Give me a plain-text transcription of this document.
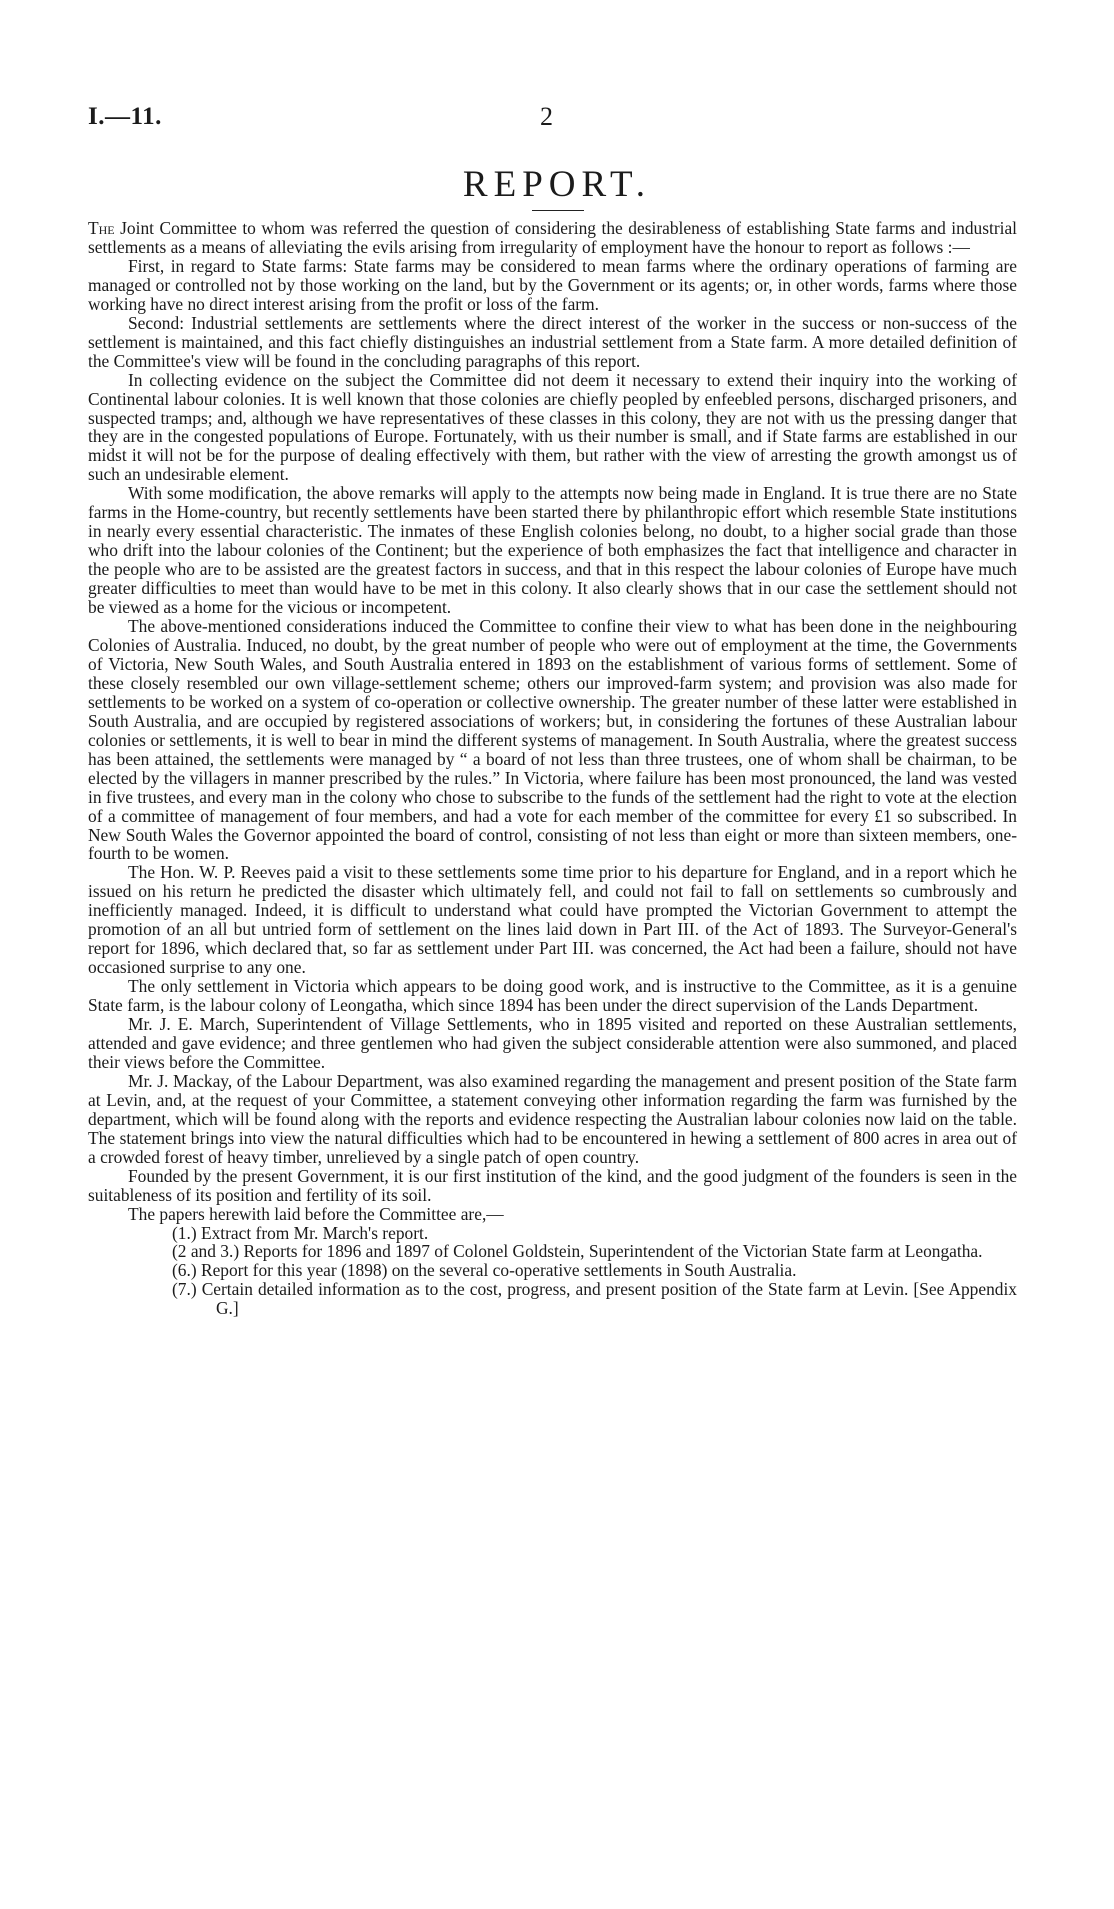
I.—11.	2
REPORT.

The Joint Committee to whom was referred the question of considering the desirableness of establishing State farms and industrial settlements as a means of alleviating the evils arising from irregularity of employment have the honour to report as follows :—

First, in regard to State farms: State farms may be considered to mean farms where the ordinary operations of farming are managed or controlled not by those working on the land, but by the Government or its agents; or, in other words, farms where those working have no direct interest arising from the profit or loss of the farm.

Second: Industrial settlements are settlements where the direct interest of the worker in the success or non-success of the settlement is maintained, and this fact chiefly distinguishes an industrial settlement from a State farm. A more detailed definition of the Committee's view will be found in the concluding paragraphs of this report.

In collecting evidence on the subject the Committee did not deem it necessary to extend their inquiry into the working of Continental labour colonies. It is well known that those colonies are chiefly peopled by enfeebled persons, discharged prisoners, and suspected tramps; and, although we have representatives of these classes in this colony, they are not with us the pressing danger that they are in the congested populations of Europe. Fortunately, with us their number is small, and if State farms are established in our midst it will not be for the purpose of dealing effectively with them, but rather with the view of arresting the growth amongst us of such an undesirable element.

With some modification, the above remarks will apply to the attempts now being made in England. It is true there are no State farms in the Home-country, but recently settlements have been started there by philanthropic effort which resemble State institutions in nearly every essential characteristic. The inmates of these English colonies belong, no doubt, to a higher social grade than those who drift into the labour colonies of the Continent; but the experience of both emphasizes the fact that intelligence and character in the people who are to be assisted are the greatest factors in success, and that in this respect the labour colonies of Europe have much greater difficulties to meet than would have to be met in this colony. It also clearly shows that in our case the settlement should not be viewed as a home for the vicious or incompetent.

The above-mentioned considerations induced the Committee to confine their view to what has been done in the neighbouring Colonies of Australia. Induced, no doubt, by the great number of people who were out of employment at the time, the Governments of Victoria, New South Wales, and South Australia entered in 1893 on the establishment of various forms of settlement. Some of these closely resembled our own village-settlement scheme; others our improved-farm system; and provision was also made for settlements to be worked on a system of co-operation or collective ownership. The greater number of these latter were established in South Australia, and are occupied by registered associations of workers; but, in considering the fortunes of these Australian labour colonies or settlements, it is well to bear in mind the different systems of management. In South Australia, where the greatest success has been attained, the settlements were managed by “ a board of not less than three trustees, one of whom shall be chairman, to be elected by the villagers in manner prescribed by the rules.” In Victoria, where failure has been most pronounced, the land was vested in five trustees, and every man in the colony who chose to subscribe to the funds of the settlement had the right to vote at the election of a committee of management of four members, and had a vote for each member of the committee for every £1 so subscribed. In New South Wales the Governor appointed the board of control, consisting of not less than eight or more than sixteen members, one-fourth to be women.

The Hon. W. P. Reeves paid a visit to these settlements some time prior to his departure for England, and in a report which he issued on his return he predicted the disaster which ultimately fell, and could not fail to fall on settlements so cumbrously and inefficiently managed. Indeed, it is difficult to understand what could have prompted the Victorian Government to attempt the promotion of an all but untried form of settlement on the lines laid down in Part III. of the Act of 1893. The Surveyor-General's report for 1896, which declared that, so far as settlement under Part III. was concerned, the Act had been a failure, should not have occasioned surprise to any one.

The only settlement in Victoria which appears to be doing good work, and is instructive to the Committee, as it is a genuine State farm, is the labour colony of Leongatha, which since 1894 has been under the direct supervision of the Lands Department.

Mr. J. E. March, Superintendent of Village Settlements, who in 1895 visited and reported on these Australian settlements, attended and gave evidence; and three gentlemen who had given the subject considerable attention were also summoned, and placed their views before the Committee.

Mr. J. Mackay, of the Labour Department, was also examined regarding the management and present position of the State farm at Levin, and, at the request of your Committee, a statement conveying other information regarding the farm was furnished by the department, which will be found along with the reports and evidence respecting the Australian labour colonies now laid on the table. The statement brings into view the natural difficulties which had to be encountered in hewing a settlement of 800 acres in area out of a crowded forest of heavy timber, unrelieved by a single patch of open country.

Founded by the present Government, it is our first institution of the kind, and the good judgment of the founders is seen in the suitableness of its position and fertility of its soil.

The papers herewith laid before the Committee are,—

(1.) Extract from Mr. March's report.
(2 and 3.) Reports for 1896 and 1897 of Colonel Goldstein, Superintendent of the Victorian State farm at Leongatha.
(6.) Report for this year (1898) on the several co-operative settlements in South Australia.
(7.) Certain detailed information as to the cost, progress, and present position of the State farm at Levin. [See Appendix G.]
